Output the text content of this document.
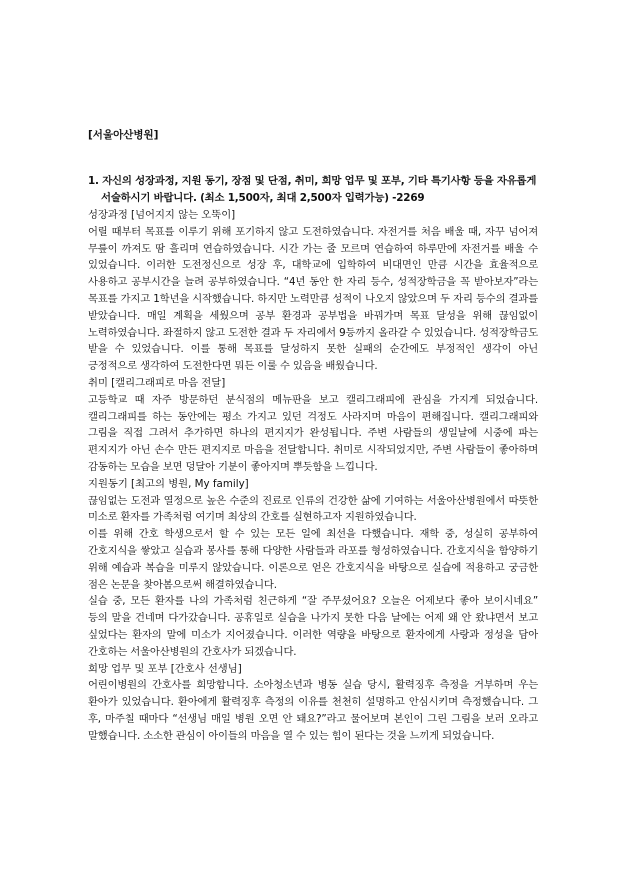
[서울아산병원]

1. 자신의 성장과정, 지원 동기, 장점 및 단점, 취미, 희망 업무 및 포부, 기타 특기사항 등을 자유롭게 서술하시기 바랍니다. (최소 1,500자, 최대 2,500자 입력가능) -2269

성장과정 [넘어지지 않는 오뚝이]

어릴 때부터 목표를 이루기 위해 포기하지 않고 도전하였습니다. 자전거를 처음 배울 때, 자꾸 넘어져 무릎이 까져도 땀 흘리며 연습하였습니다. 시간 가는 줄 모르며 연습하여 하루만에 자전거를 배울 수 있었습니다. 이러한 도전정신으로 성장 후, 대학교에 입학하여 비대면인 만큼 시간을 효율적으로 사용하고 공부시간을 늘려 공부하였습니다. “4년 동안 한 자리 등수, 성적장학금을 꼭 받아보자”라는 목표를 가지고 1학년을 시작했습니다. 하지만 노력만큼 성적이 나오지 않았으며 두 자리 등수의 결과를 받았습니다. 매일 계획을 세웠으며 공부 환경과 공부법을 바꿔가며 목표 달성을 위해 끊임없이 노력하였습니다. 좌절하지 않고 도전한 결과 두 자리에서 9등까지 올라갈 수 있었습니다. 성적장학금도 받을 수 있었습니다. 이를 통해 목표를 달성하지 못한 실패의 순간에도 부정적인 생각이 아닌 긍정적으로 생각하여 도전한다면 뭐든 이룰 수 있음을 배웠습니다.

취미 [캘리그래피로 마음 전달]

고등학교 때 자주 방문하던 분식점의 메뉴판을 보고 캘리그래피에 관심을 가지게 되었습니다. 캘리그래피를 하는 동안에는 평소 가지고 있던 걱정도 사라지며 마음이 편해집니다. 캘리그래피와 그림을 직접 그려서 추가하면 하나의 편지지가 완성됩니다. 주변 사람들의 생일날에 시중에 파는 편지지가 아닌 손수 만든 편지지로 마음을 전달합니다. 취미로 시작되었지만, 주변 사람들이 좋아하며 감동하는 모습을 보면 덩달아 기분이 좋아지며 뿌듯함을 느낍니다.

지원동기 [최고의 병원, My family]

끊임없는 도전과 열정으로 높은 수준의 진료로 인류의 건강한 삶에 기여하는 서울아산병원에서 따뜻한 미소로 환자를 가족처럼 여기며 최상의 간호를 실현하고자 지원하였습니다.

이를 위해 간호 학생으로서 할 수 있는 모든 일에 최선을 다했습니다. 재학 중, 성실히 공부하여 간호지식을 쌓았고 실습과 봉사를 통해 다양한 사람들과 라포를 형성하였습니다. 간호지식을 함양하기 위해 예습과 복습을 미루지 않았습니다. 이론으로 얻은 간호지식을 바탕으로 실습에 적용하고 궁금한 점은 논문을 찾아봄으로써 해결하였습니다.

실습 중, 모든 환자를 나의 가족처럼 친근하게 “잘 주무셨어요? 오늘은 어제보다 좋아 보이시네요” 등의 말을 건네며 다가갔습니다. 공휴일로 실습을 나가지 못한 다음 날에는 어제 왜 안 왔냐면서 보고 싶었다는 환자의 말에 미소가 지어졌습니다. 이러한 역량을 바탕으로 환자에게 사랑과 정성을 담아 간호하는 서울아산병원의 간호사가 되겠습니다.

희망 업무 및 포부 [간호사 선생님]

어린이병원의 간호사를 희망합니다. 소아청소년과 병동 실습 당시, 활력징후 측정을 거부하며 우는 환아가 있었습니다. 환아에게 활력징후 측정의 이유를 천천히 설명하고 안심시키며 측정했습니다. 그 후, 마주칠 때마다 “선생님 매일 병원 오면 안 돼요?”라고 물어보며 본인이 그린 그림을 보러 오라고 말했습니다. 소소한 관심이 아이들의 마음을 열 수 있는 힘이 된다는 것을 느끼게 되었습니다.
